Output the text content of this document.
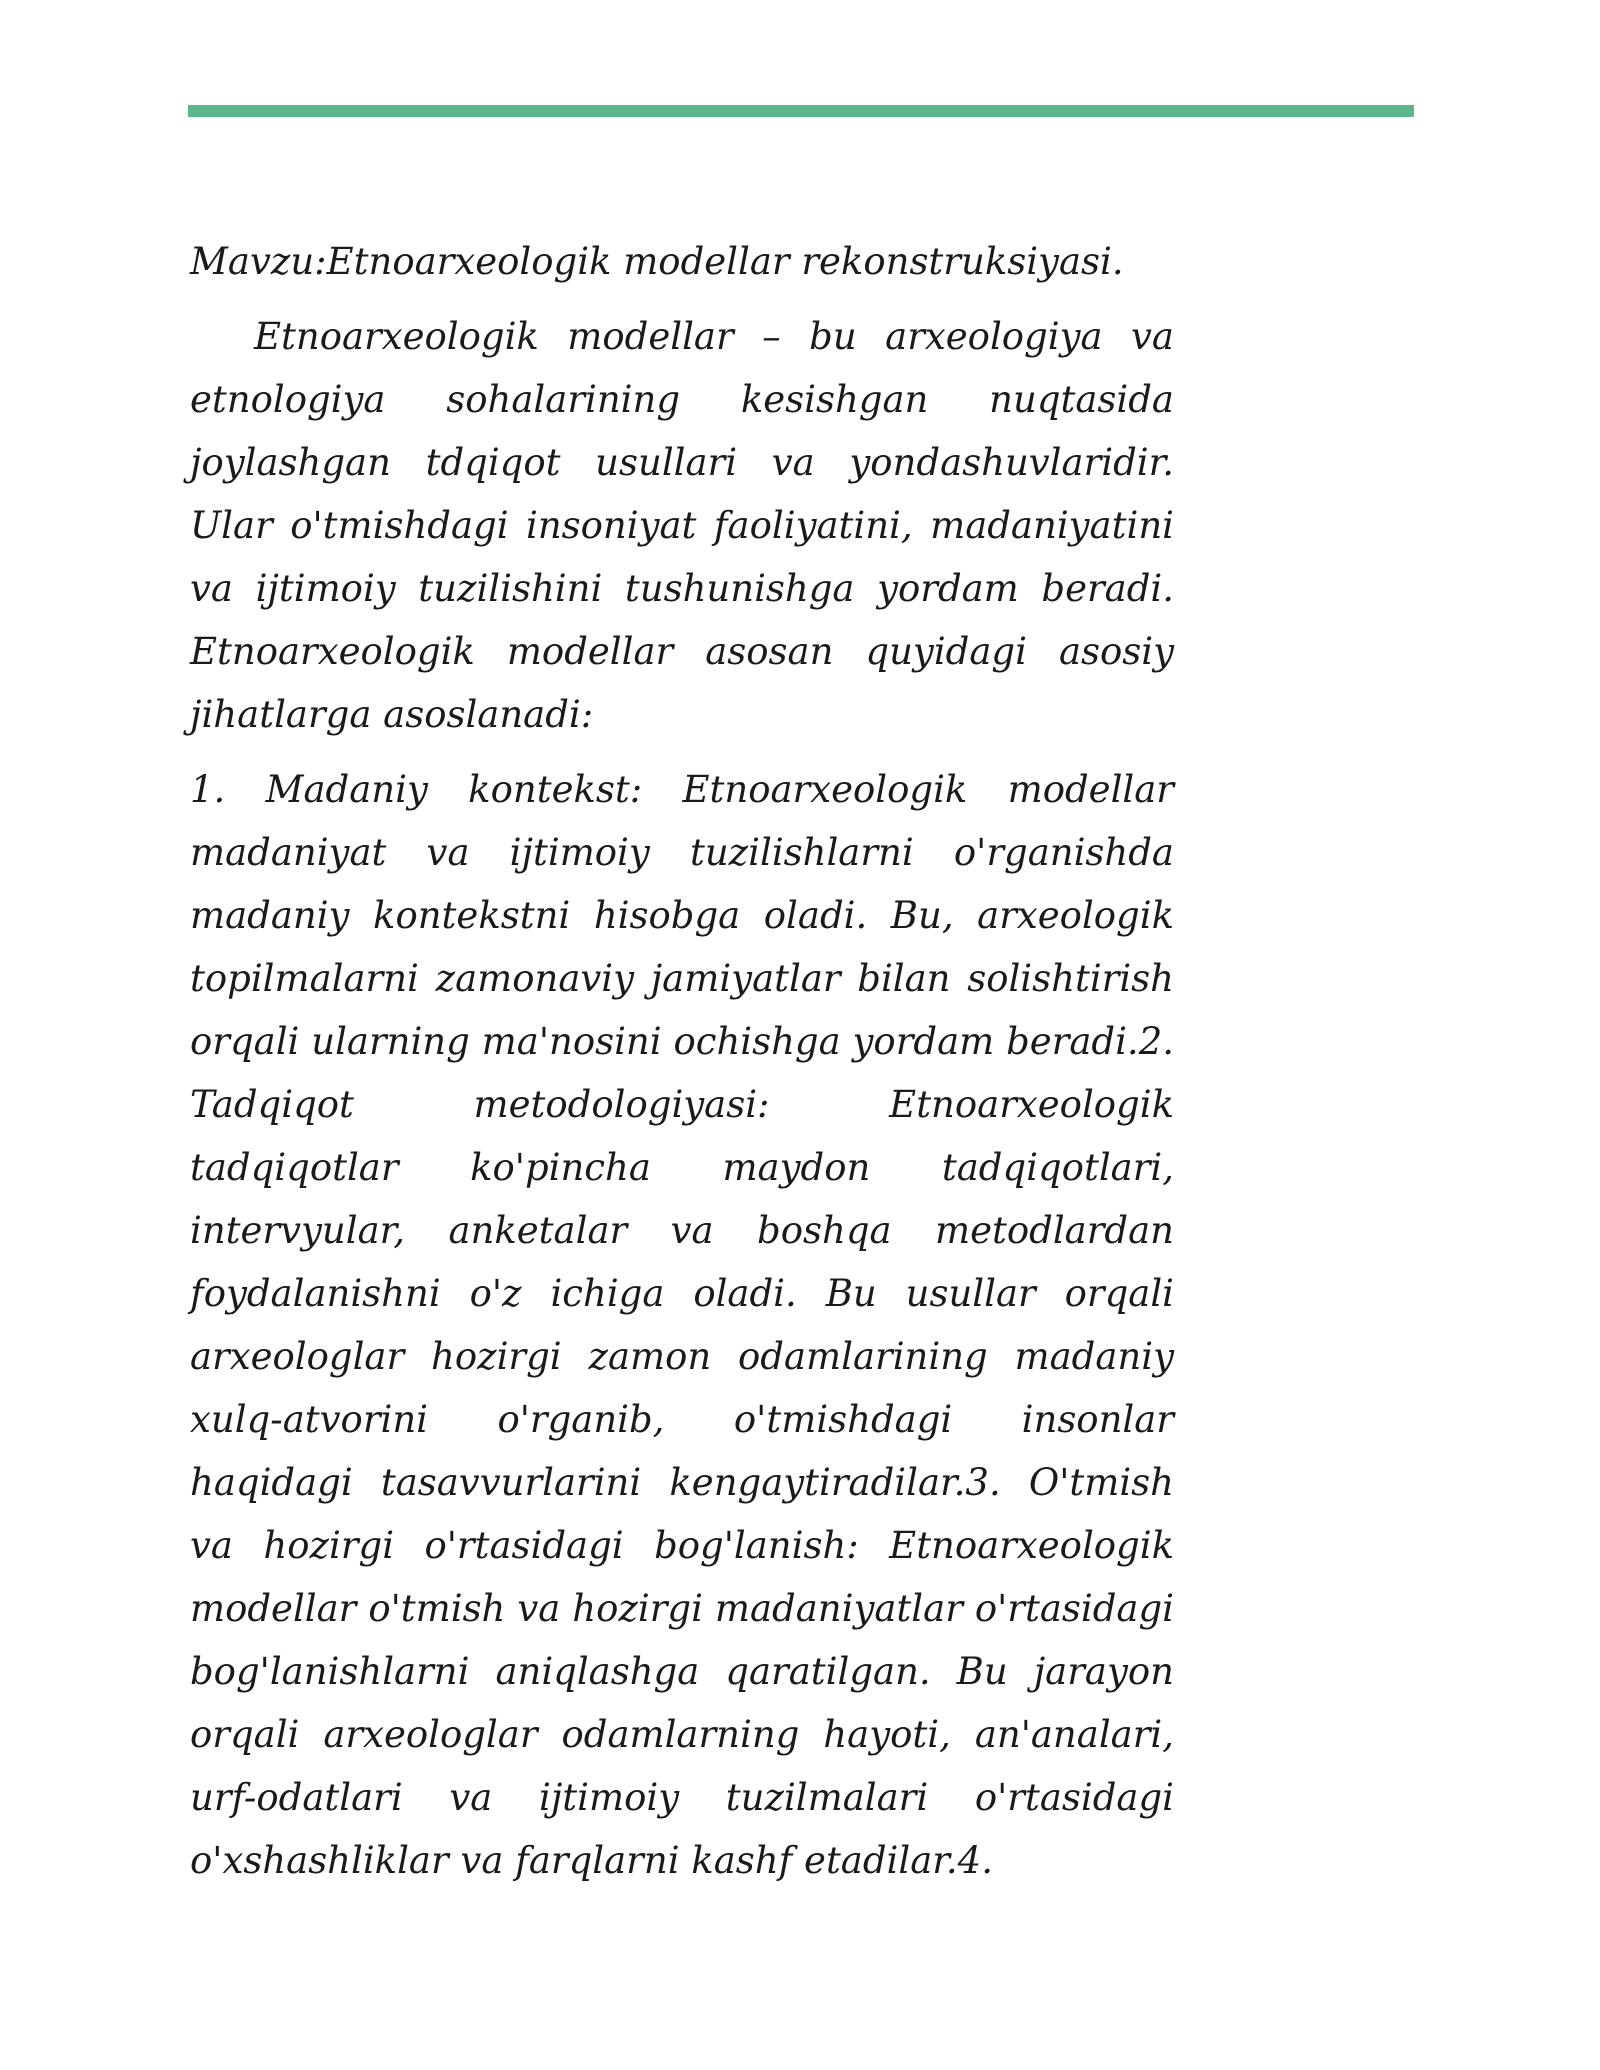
Mavzu:Etnoarxeologik modellar rekonstruksiyasi.

Etnoarxeologik modellar – bu arxeologiya va etnologiya sohalarining kesishgan nuqtasida joylashgan tdqiqot usullari va yondashuvlaridir. Ular o'tmishdagi insoniyat faoliyatini, madaniyatini va ijtimoiy tuzilishini tushunishga yordam beradi. Etnoarxeologik modellar asosan quyidagi asosiy jihatlarga asoslanadi:

1. Madaniy kontekst: Etnoarxeologik modellar madaniyat va ijtimoiy tuzilishlarni o'rganishda madaniy kontekstni hisobga oladi. Bu, arxeologik topilmalarni zamonaviy jamiyatlar bilan solishtirish orqali ularning ma'nosini ochishga yordam beradi.2. Tadqiqot metodologiyasi: Etnoarxeologik tadqiqotlar ko'pincha maydon tadqiqotlari, intervyular, anketalar va boshqa metodlardan foydalanishni o'z ichiga oladi. Bu usullar orqali arxeologlar hozirgi zamon odamlarining madaniy xulq-atvorini o'rganib, o'tmishdagi insonlar haqidagi tasavvurlarini kengaytiradilar.3. O'tmish va hozirgi o'rtasidagi bog'lanish: Etnoarxeologik modellar o'tmish va hozirgi madaniyatlar o'rtasidagi bog'lanishlarni aniqlashga qaratilgan. Bu jarayon orqali arxeologlar odamlarning hayoti, an'analari, urf-odatlari va ijtimoiy tuzilmalari o'rtasidagi o'xshashliklar va farqlarni kashf etadilar.4.
